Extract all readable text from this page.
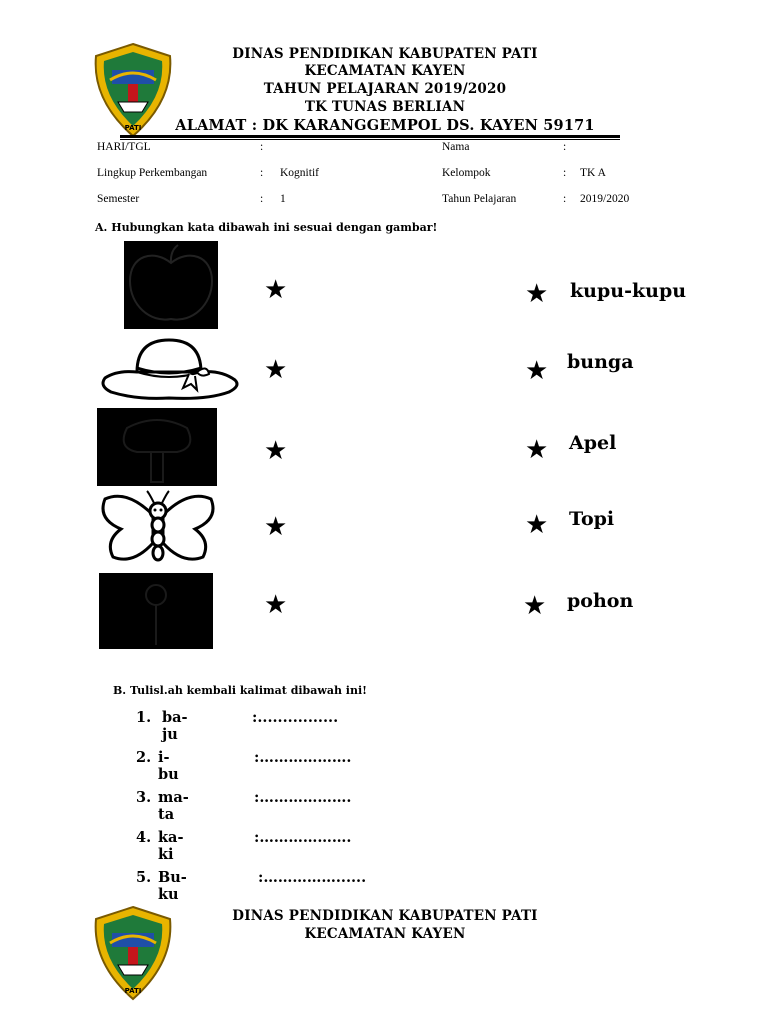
PATI
DINAS PENDIDIKAN KABUPATEN PATI
KECAMATAN KAYEN
TAHUN PELAJARAN 2019/2020
TK TUNAS BERLIAN
ALAMAT : DK KARANGGEMPOL DS. KAYEN 59171
HARI/TGL	:	Nama	:
Lingkup Perkembangan	: Kognitif	Kelompok	: TK A
Semester	: 1	Tahun Pelajaran	: 2019/2020
A. Hubungkan kata dibawah ini sesuai dengan gambar!
★
★
★
★
★
★ kupu-kupu
★ bunga
★ Apel
★ Topi
★ pohon
B. Tulisl.ah kembali kalimat dibawah ini!
1. ba-ju
:................
2. i-bu
:……………….
3. ma-ta
:……………….
4. ka-ki
:……………….
5. Bu-ku
:……………......
PATI
DINAS PENDIDIKAN KABUPATEN PATI
KECAMATAN KAYEN
